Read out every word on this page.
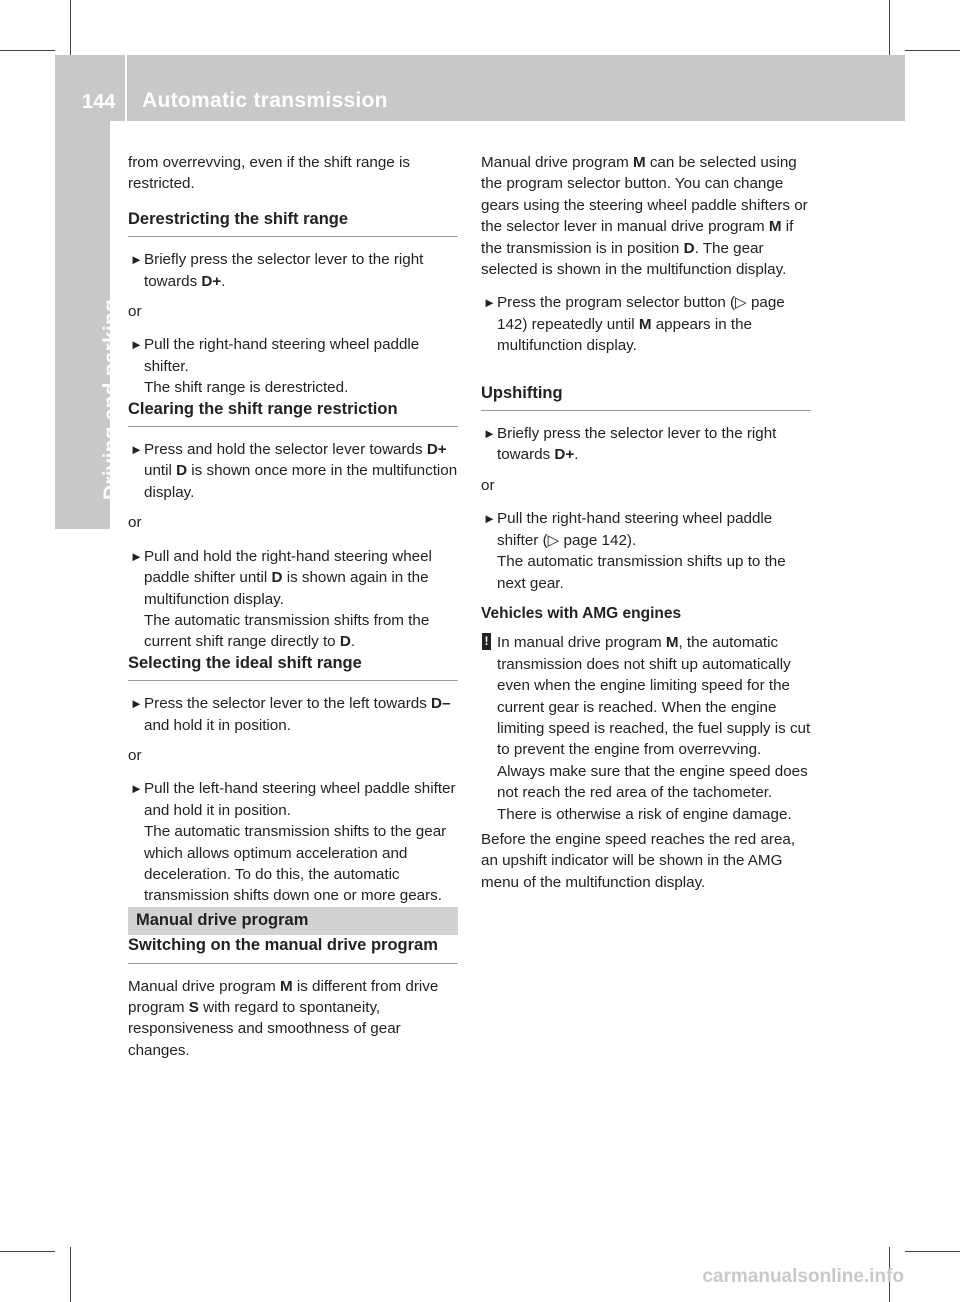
144 Automatic transmission
Driving and parking

from overrevving, even if the shift range is restricted.

Derestricting the shift range

► Briefly press the selector lever to the right towards D+.

or

► Pull the right-hand steering wheel paddle shifter.
The shift range is derestricted.

Clearing the shift range restriction

► Press and hold the selector lever towards D+ until D is shown once more in the multifunction display.

or

► Pull and hold the right-hand steering wheel paddle shifter until D is shown again in the multifunction display.
The automatic transmission shifts from the current shift range directly to D.

Selecting the ideal shift range

► Press the selector lever to the left towards D– and hold it in position.

or

► Pull the left-hand steering wheel paddle shifter and hold it in position.
The automatic transmission shifts to the gear which allows optimum acceleration and deceleration. To do this, the automatic transmission shifts down one or more gears.

Manual drive program

Switching on the manual drive program

Manual drive program M is different from drive program S with regard to spontaneity, responsiveness and smoothness of gear changes.

Manual drive program M can be selected using the program selector button. You can change gears using the steering wheel paddle shifters or the selector lever in manual drive program M if the transmission is in position D. The gear selected is shown in the multifunction display.

► Press the program selector button (▷ page 142) repeatedly until M appears in the multifunction display.

Upshifting

► Briefly press the selector lever to the right towards D+.

or

► Pull the right-hand steering wheel paddle shifter (▷ page 142).
The automatic transmission shifts up to the next gear.

Vehicles with AMG engines

! In manual drive program M, the automatic transmission does not shift up automatically even when the engine limiting speed for the current gear is reached. When the engine limiting speed is reached, the fuel supply is cut to prevent the engine from overrevving. Always make sure that the engine speed does not reach the red area of the tachometer. There is otherwise a risk of engine damage.

Before the engine speed reaches the red area, an upshift indicator will be shown in the AMG menu of the multifunction display.

carmanualsonline.info
